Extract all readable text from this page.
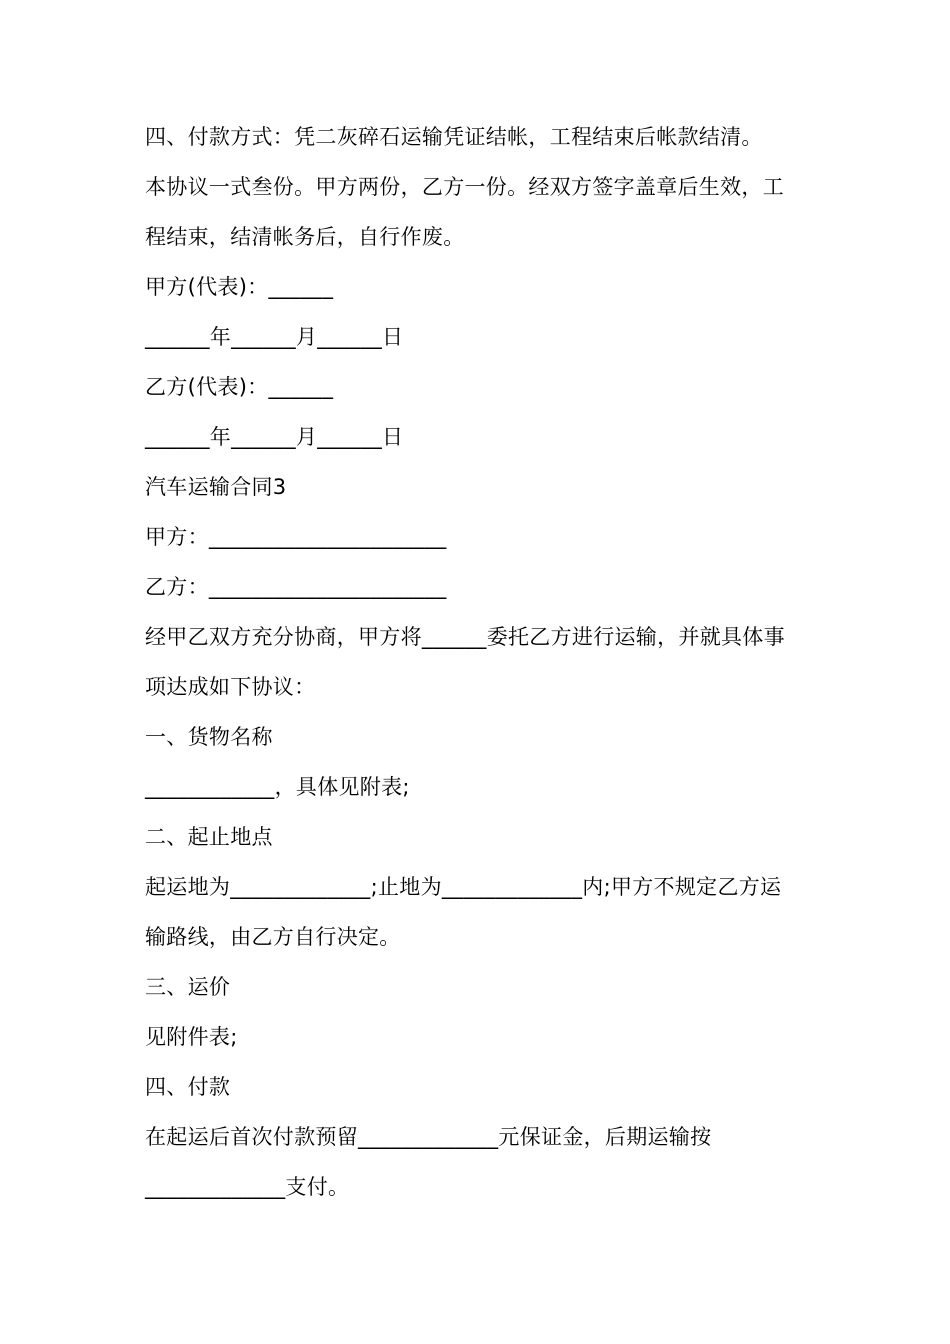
四、付款方式：凭二灰碎石运输凭证结帐，工程结束后帐款结清。
本协议一式叁份。甲方两份，乙方一份。经双方签字盖章后生效，工
程结束，结清帐务后，自行作废。
甲方(代表)：______
______年______月______日
乙方(代表)：______
______年______月______日
汽车运输合同3
甲方：______________________
乙方：______________________
经甲乙双方充分协商，甲方将______委托乙方进行运输，并就具体事
项达成如下协议：
一、货物名称
____________，具体见附表;
二、起止地点
起运地为_____________;止地为_____________内;甲方不规定乙方运
输路线，由乙方自行决定。
三、运价
见附件表;
四、付款
在起运后首次付款预留_____________元保证金，后期运输按
_____________支付。
